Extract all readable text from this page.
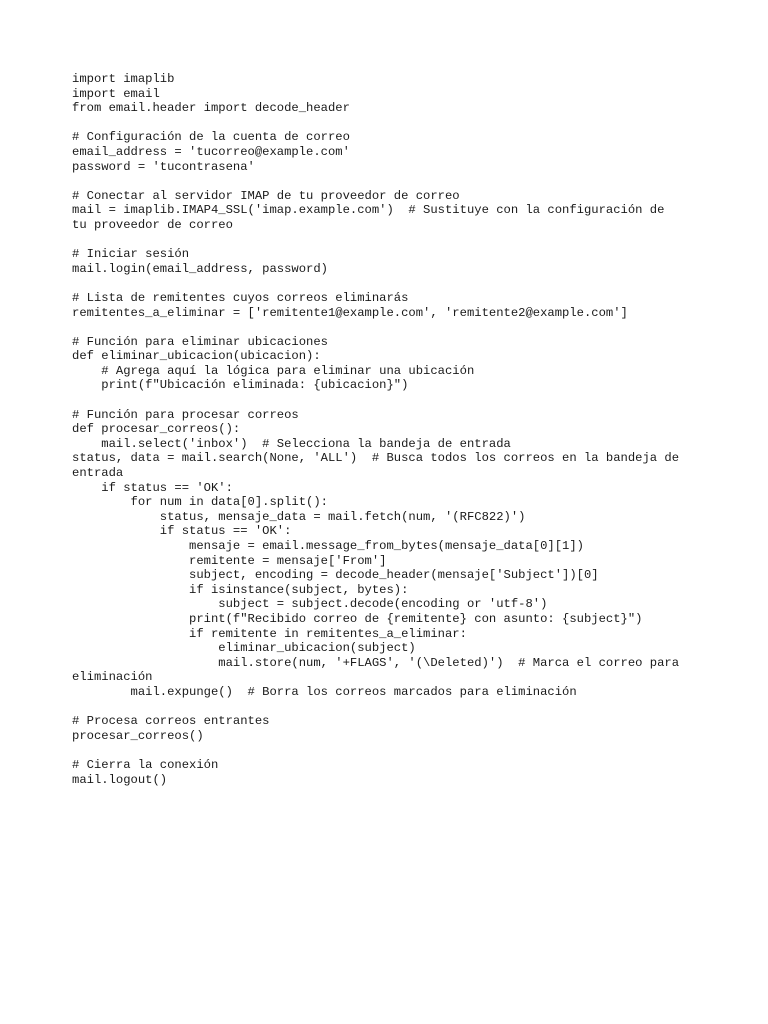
import imaplib
import email
from email.header import decode_header

# Configuración de la cuenta de correo
email_address = 'tucorreo@example.com'
password = 'tucontrasena'

# Conectar al servidor IMAP de tu proveedor de correo
mail = imaplib.IMAP4_SSL('imap.example.com')  # Sustituye con la configuración de
tu proveedor de correo

# Iniciar sesión
mail.login(email_address, password)

# Lista de remitentes cuyos correos eliminarás
remitentes_a_eliminar = ['remitente1@example.com', 'remitente2@example.com']

# Función para eliminar ubicaciones
def eliminar_ubicacion(ubicacion):
# Agrega aquí la lógica para eliminar una ubicación
print(f"Ubicación eliminada: {ubicacion}")

# Función para procesar correos
def procesar_correos():
mail.select('inbox')  # Selecciona la bandeja de entrada
status, data = mail.search(None, 'ALL')  # Busca todos los correos en la bandeja de
entrada
if status == 'OK':
for num in data[0].split():
status, mensaje_data = mail.fetch(num, '(RFC822)')
if status == 'OK':
mensaje = email.message_from_bytes(mensaje_data[0][1])
remitente = mensaje['From']
subject, encoding = decode_header(mensaje['Subject'])[0]
if isinstance(subject, bytes):
subject = subject.decode(encoding or 'utf-8')
print(f"Recibido correo de {remitente} con asunto: {subject}")
if remitente in remitentes_a_eliminar:
eliminar_ubicacion(subject)
mail.store(num, '+FLAGS', '(\Deleted)')  # Marca el correo para
eliminación
mail.expunge()  # Borra los correos marcados para eliminación

# Procesa correos entrantes
procesar_correos()

# Cierra la conexión
mail.logout()
